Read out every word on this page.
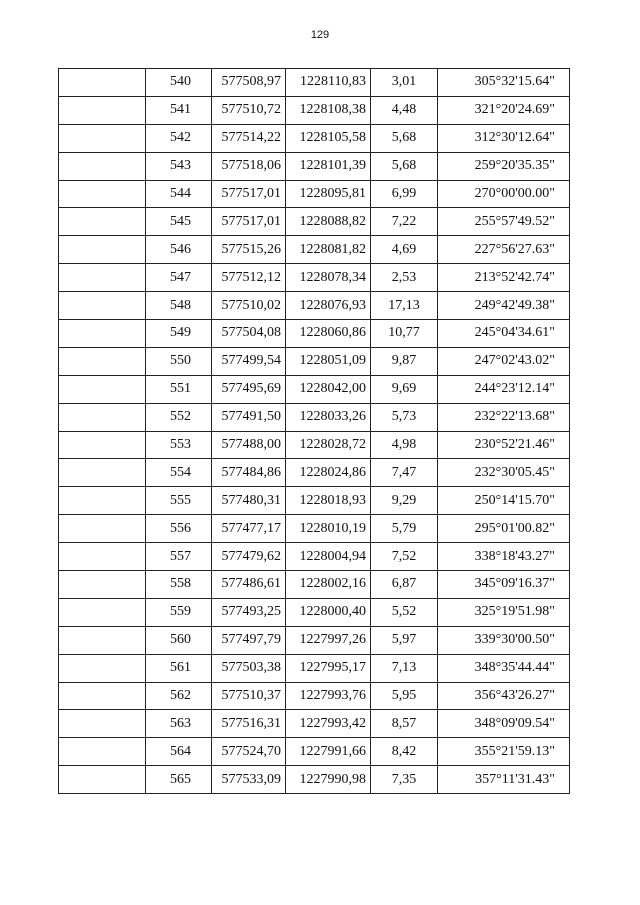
129
	540	577508,97	1228110,83	3,01	305°32'15.64"
	541	577510,72	1228108,38	4,48	321°20'24.69"
	542	577514,22	1228105,58	5,68	312°30'12.64"
	543	577518,06	1228101,39	5,68	259°20'35.35"
	544	577517,01	1228095,81	6,99	270°00'00.00"
	545	577517,01	1228088,82	7,22	255°57'49.52"
	546	577515,26	1228081,82	4,69	227°56'27.63"
	547	577512,12	1228078,34	2,53	213°52'42.74"
	548	577510,02	1228076,93	17,13	249°42'49.38"
	549	577504,08	1228060,86	10,77	245°04'34.61"
	550	577499,54	1228051,09	9,87	247°02'43.02"
	551	577495,69	1228042,00	9,69	244°23'12.14"
	552	577491,50	1228033,26	5,73	232°22'13.68"
	553	577488,00	1228028,72	4,98	230°52'21.46"
	554	577484,86	1228024,86	7,47	232°30'05.45"
	555	577480,31	1228018,93	9,29	250°14'15.70"
	556	577477,17	1228010,19	5,79	295°01'00.82"
	557	577479,62	1228004,94	7,52	338°18'43.27"
	558	577486,61	1228002,16	6,87	345°09'16.37"
	559	577493,25	1228000,40	5,52	325°19'51.98"
	560	577497,79	1227997,26	5,97	339°30'00.50"
	561	577503,38	1227995,17	7,13	348°35'44.44"
	562	577510,37	1227993,76	5,95	356°43'26.27"
	563	577516,31	1227993,42	8,57	348°09'09.54"
	564	577524,70	1227991,66	8,42	355°21'59.13"
	565	577533,09	1227990,98	7,35	357°11'31.43"
